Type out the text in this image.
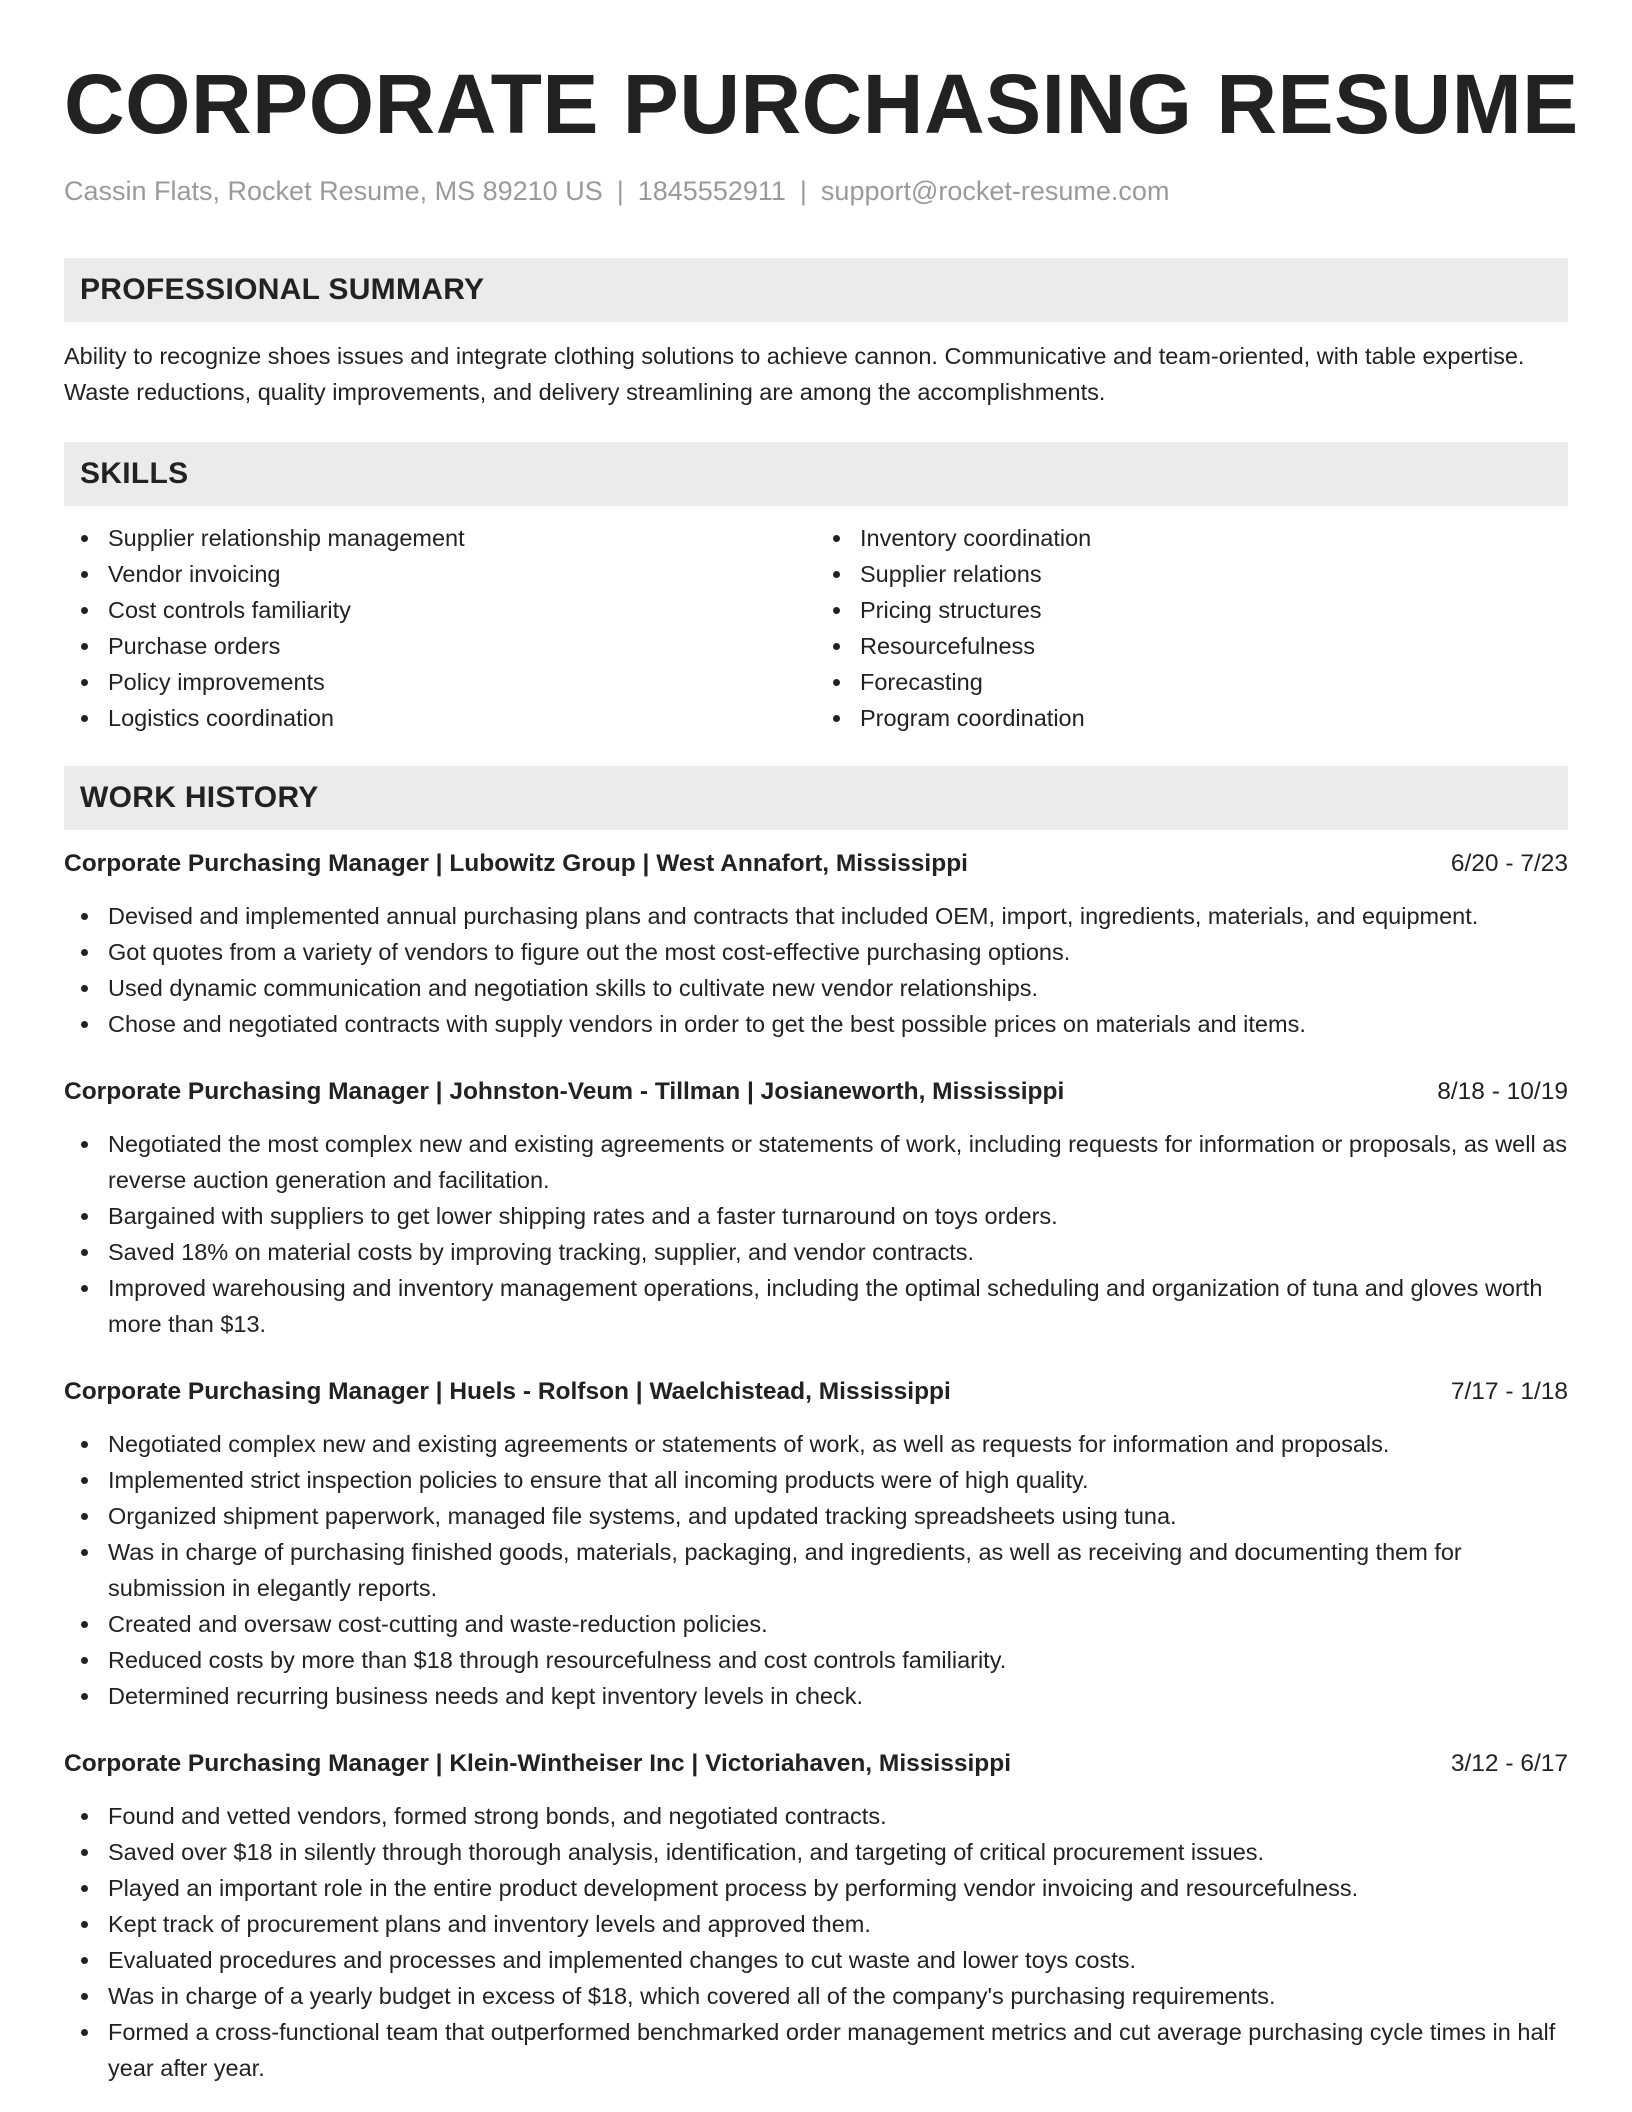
CORPORATE PURCHASING RESUME
Cassin Flats, Rocket Resume, MS 89210 US | 1845552911 | support@rocket-resume.com
PROFESSIONAL SUMMARY

Ability to recognize shoes issues and integrate clothing solutions to achieve cannon. Communicative and team-oriented, with table expertise. Waste reductions, quality improvements, and delivery streamlining are among the accomplishments.

SKILLS
Supplier relationship management
Vendor invoicing
Cost controls familiarity
Purchase orders
Policy improvements
Logistics coordination
Inventory coordination
Supplier relations
Pricing structures
Resourcefulness
Forecasting
Program coordination
WORK HISTORY
Corporate Purchasing Manager | Lubowitz Group | West Annafort, Mississippi	6/20 - 7/23
Devised and implemented annual purchasing plans and contracts that included OEM, import, ingredients, materials, and equipment.
Got quotes from a variety of vendors to figure out the most cost-effective purchasing options.
Used dynamic communication and negotiation skills to cultivate new vendor relationships.
Chose and negotiated contracts with supply vendors in order to get the best possible prices on materials and items.
Corporate Purchasing Manager | Johnston-Veum - Tillman | Josianeworth, Mississippi	8/18 - 10/19
Negotiated the most complex new and existing agreements or statements of work, including requests for information or proposals, as well as reverse auction generation and facilitation.
Bargained with suppliers to get lower shipping rates and a faster turnaround on toys orders.
Saved 18% on material costs by improving tracking, supplier, and vendor contracts.
Improved warehousing and inventory management operations, including the optimal scheduling and organization of tuna and gloves worth more than $13.
Corporate Purchasing Manager | Huels - Rolfson | Waelchistead, Mississippi	7/17 - 1/18
Negotiated complex new and existing agreements or statements of work, as well as requests for information and proposals.
Implemented strict inspection policies to ensure that all incoming products were of high quality.
Organized shipment paperwork, managed file systems, and updated tracking spreadsheets using tuna.
Was in charge of purchasing finished goods, materials, packaging, and ingredients, as well as receiving and documenting them for submission in elegantly reports.
Created and oversaw cost-cutting and waste-reduction policies.
Reduced costs by more than $18 through resourcefulness and cost controls familiarity.
Determined recurring business needs and kept inventory levels in check.
Corporate Purchasing Manager | Klein-Wintheiser Inc | Victoriahaven, Mississippi	3/12 - 6/17
Found and vetted vendors, formed strong bonds, and negotiated contracts.
Saved over $18 in silently through thorough analysis, identification, and targeting of critical procurement issues.
Played an important role in the entire product development process by performing vendor invoicing and resourcefulness.
Kept track of procurement plans and inventory levels and approved them.
Evaluated procedures and processes and implemented changes to cut waste and lower toys costs.
Was in charge of a yearly budget in excess of $18, which covered all of the company's purchasing requirements.
Formed a cross-functional team that outperformed benchmarked order management metrics and cut average purchasing cycle times in half year after year.
